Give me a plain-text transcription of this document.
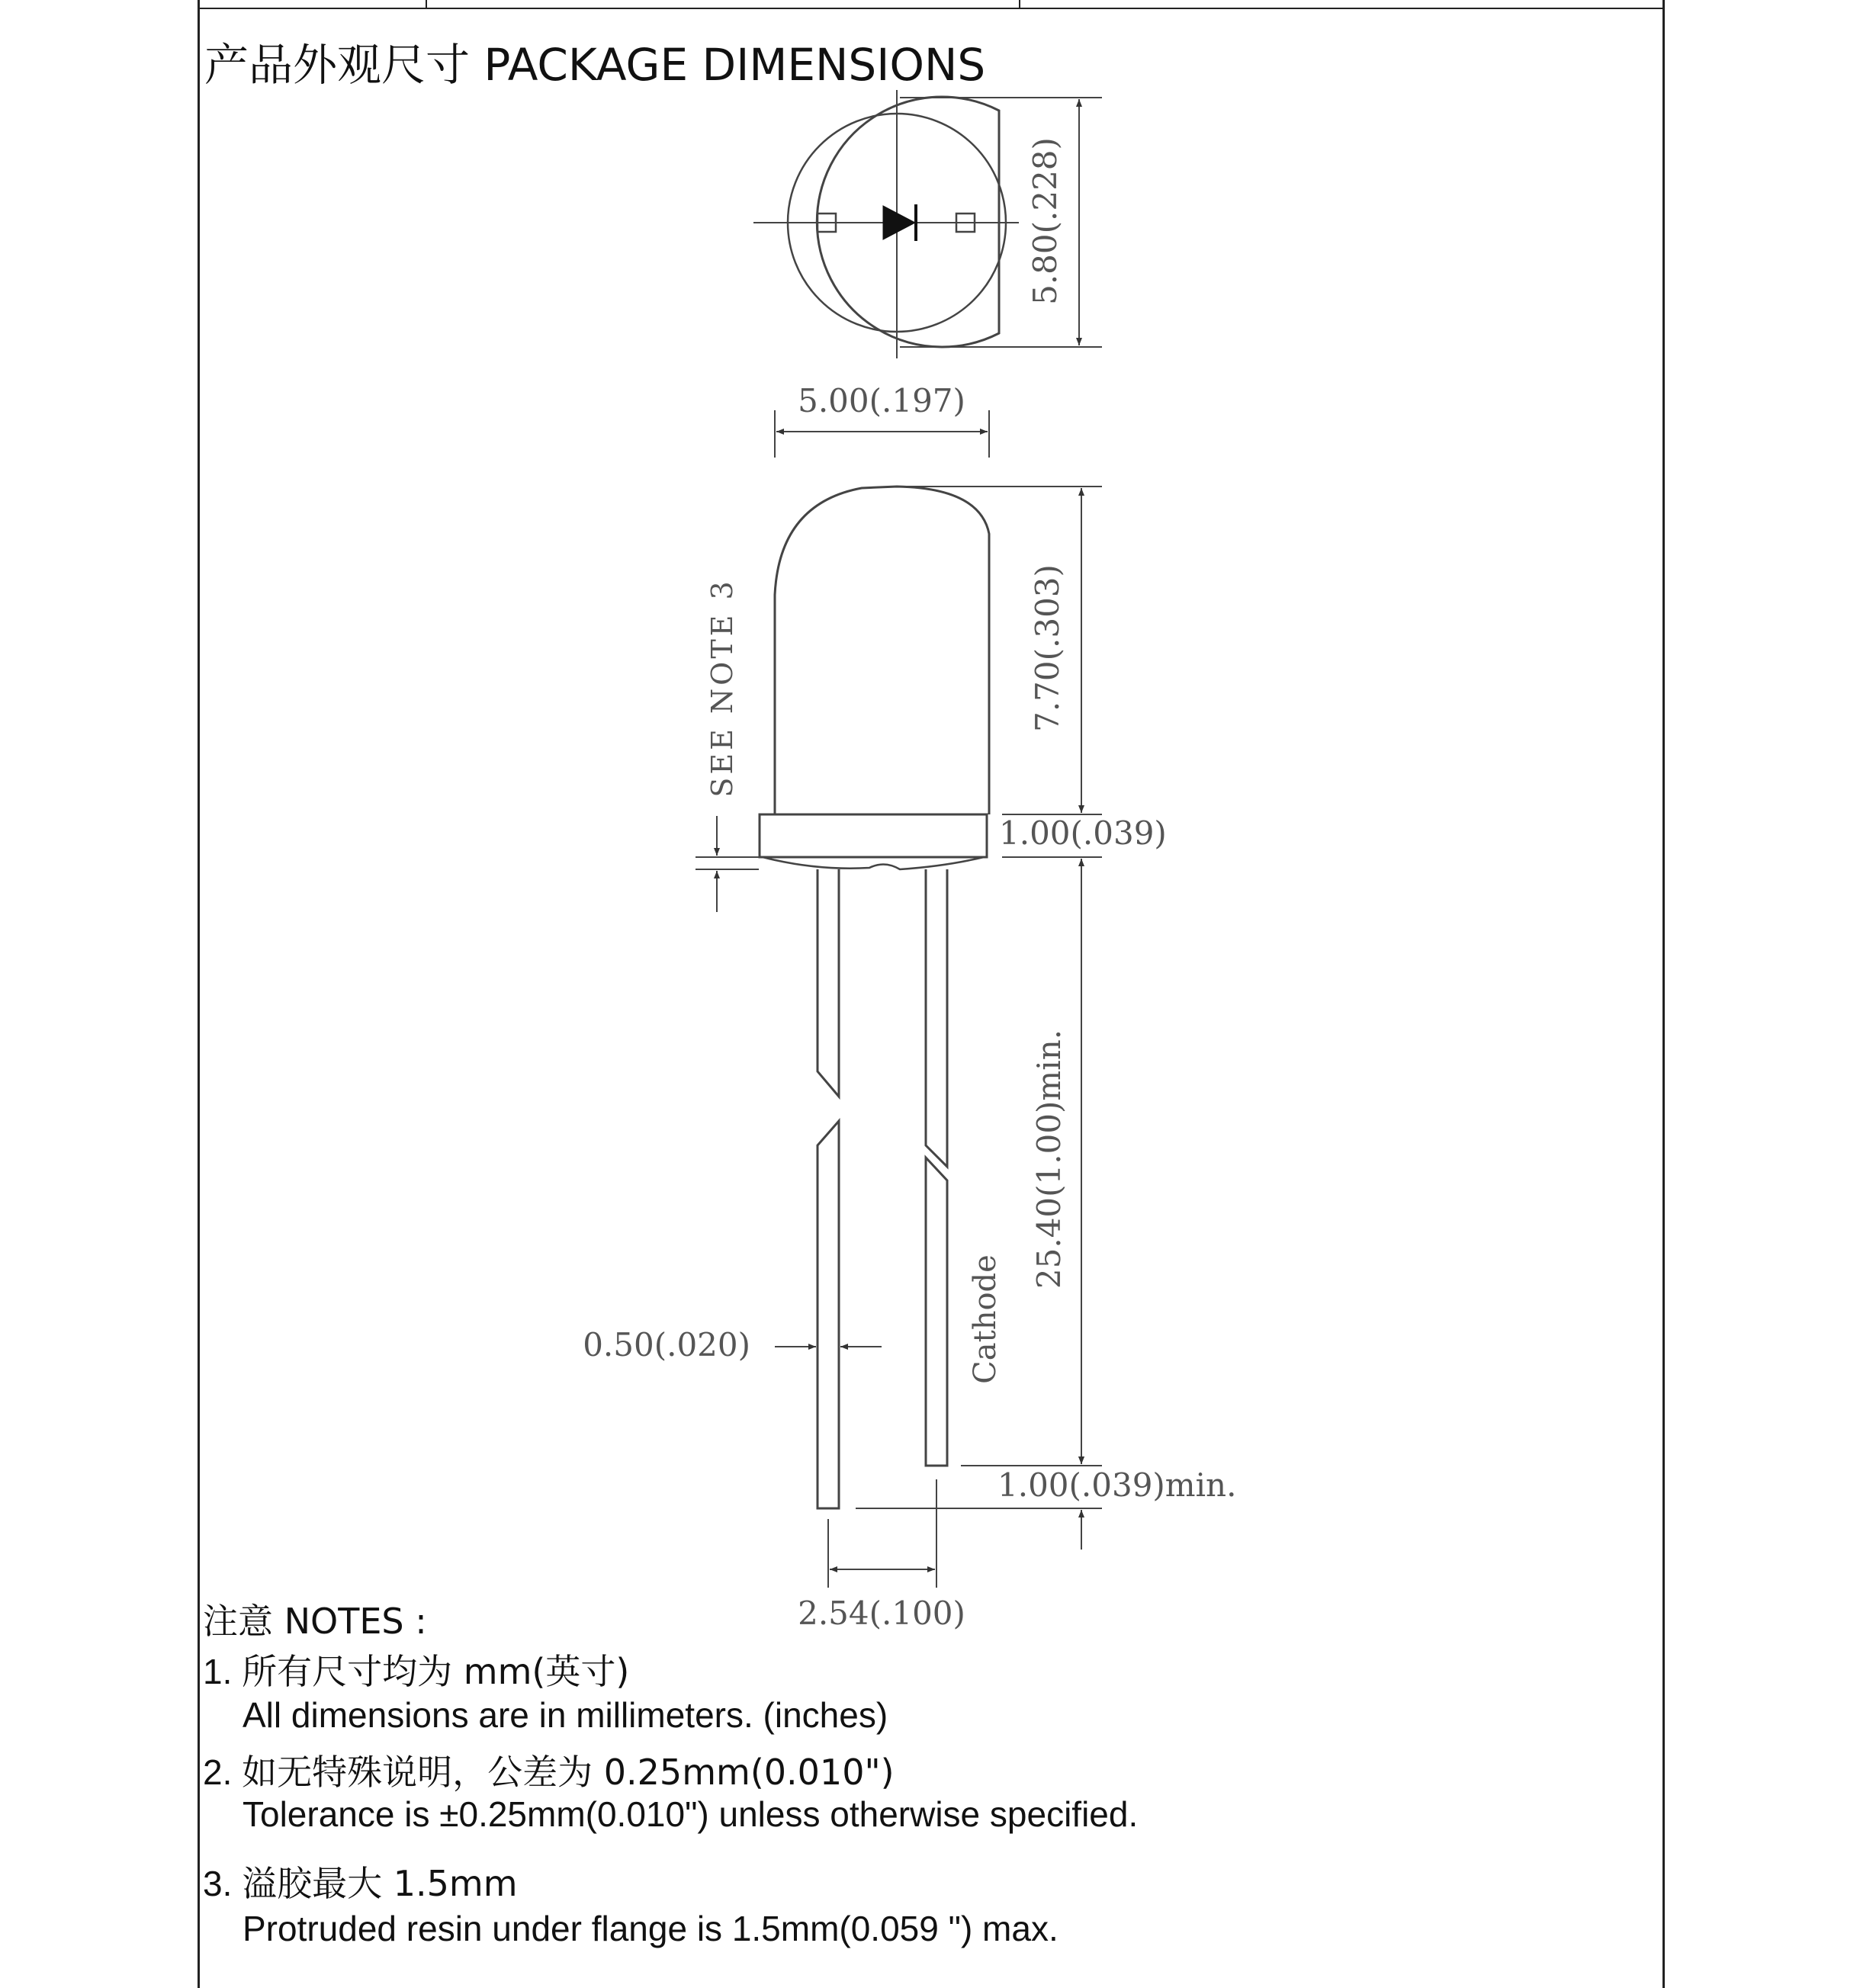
产品外观尺寸 PACKAGE DIMENSIONS
5.80(.228)
5.00(.197)
7.70(.303)
1.00(.039)
SEE NOTE 3
25.40(1.00)min.
Cathode
1.00(.039)min.
0.50(.020)
2.54(.100)
注意 NOTES :
1. 所有尺寸均为 mm(英寸)
All dimensions are in millimeters. (inches)
2. 如无特殊说明，公差为 0.25mm(0.010")
Tolerance is ±0.25mm(0.010") unless otherwise specified.
3. 溢胶最大 1.5mm
Protruded resin under flange is 1.5mm(0.059 ") max.
